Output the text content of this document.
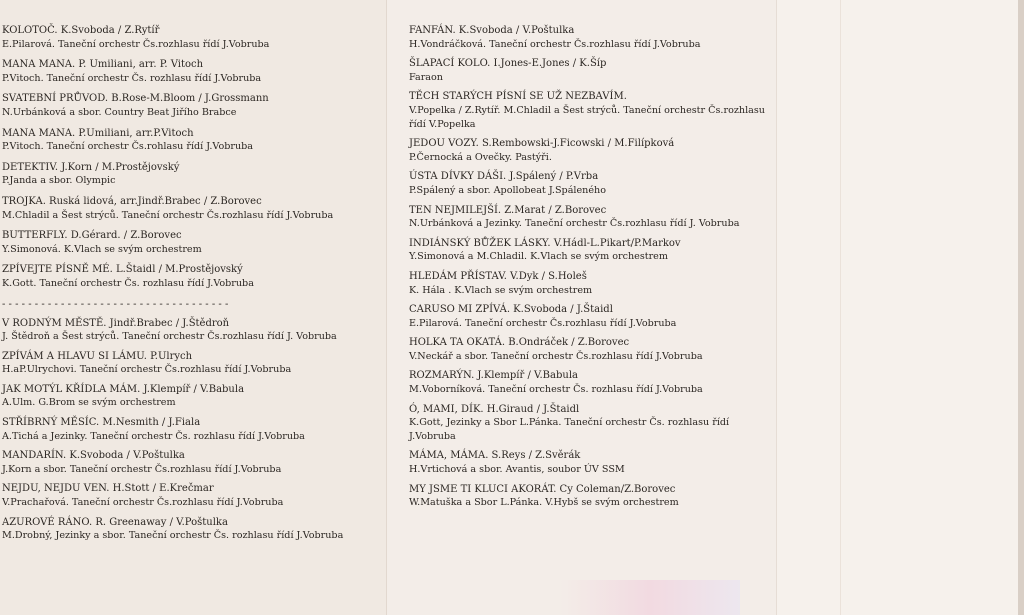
KOLOTOČ. K.Svoboda / Z.Rytíř
E.Pilarová. Taneční orchestr Čs.rozhlasu řídí J.Vobruba
MANA MANA. P. Umiliani, arr. P. Vitoch
P.Vitoch. Taneční orchestr Čs. rozhlasu řídí J.Vobruba
SVATEBNÍ PRŮVOD. B.Rose-M.Bloom / J.Grossmann
N.Urbánková a sbor. Country Beat Jiřího Brabce
MANA MANA. P.Umiliani, arr.P.Vitoch
P.Vitoch. Taneční orchestr Čs.rohlasu řídí J.Vobruba
DETEKTIV. J.Korn / M.Prostějovský
P.Janda a sbor. Olympic
TROJKA. Ruská lidová, arr.Jindř.Brabec / Z.Borovec
M.Chladil a Šest strýců. Taneční orchestr Čs.rozhlasu řídí J.Vobruba
BUTTERFLY. D.Gérard. / Z.Borovec
Y.Simonová. K.Vlach se svým orchestrem
ZPÍVEJTE PÍSNĚ MÉ. L.Štaidl / M.Prostějovský
K.Gott. Taneční orchestr Čs. rozhlasu řídí J.Vobruba
- - - - - - - - - - - - - - - - - - - - - - - - - - - - - - - - - - -
V RODNÝM MĚSTĚ. Jindř.Brabec / J.Štědroň
J. Štědroň a Šest strýců. Taneční orchestr Čs.rozhlasu řídí J. Vobruba
ZPÍVÁM A HLAVU SI LÁMU. P.Ulrych
H.aP.Ulrychovi. Taneční orchestr Čs.rozhlasu řídí J.Vobruba
JAK MOTÝL KŘÍDLA MÁM. J.Klempíř / V.Babula
A.Ulm. G.Brom se svým orchestrem
STŘÍBRNÝ MĚSÍC. M.Nesmith / J.Fiala
A.Tichá a Jezinky. Taneční orchestr Čs. rozhlasu řídí J.Vobruba
MANDARÍN. K.Svoboda / V.Poštulka
J.Korn a sbor. Taneční orchestr Čs.rozhlasu řídí J.Vobruba
NEJDU, NEJDU VEN. H.Stott / E.Krečmar
V.Prachařová. Taneční orchestr Čs.rozhlasu řídí J.Vobruba
AZUROVÉ RÁNO. R. Greenaway / V.Poštulka
M.Drobný, Jezinky a sbor. Taneční orchestr Čs. rozhlasu řídí J.Vobruba
FANFÁN. K.Svoboda / V.Poštulka
H.Vondráčková. Taneční orchestr Čs.rozhlasu řídí J.Vobruba
ŠLAPACÍ KOLO. I.Jones-E.Jones / K.Šíp
Faraon
TĚCH STARÝCH PÍSNÍ SE UŽ NEZBAVÍM.
V.Popelka / Z.Rytíř. M.Chladil a Šest strýců. Taneční orchestr Čs.rozhlasu řídí V.Popelka
JEDOU VOZY. S.Rembowski-J.Ficowski / M.Filípková
P.Černocká a Ovečky. Pastýři.
ÚSTA DÍVKY DÁŠI. J.Spálený / P.Vrba
P.Spálený a sbor. Apollobeat J.Spáleného
TEN NEJMILEJŠÍ. Z.Marat / Z.Borovec
N.Urbánková a Jezinky. Taneční orchestr Čs.rozhlasu řídí J. Vobruba
INDIÁNSKÝ BŮŽEK LÁSKY. V.Hádl-L.Pikart/P.Markov
Y.Simonová a M.Chladil. K.Vlach se svým orchestrem
HLEDÁM PŘÍSTAV. V.Dyk / S.Holeš
K. Hála . K.Vlach se svým orchestrem
CARUSO MI ZPÍVÁ. K.Svoboda / J.Štaidl
E.Pilarová. Taneční orchestr Čs.rozhlasu řídí J.Vobruba
HOLKA TA OKATÁ. B.Ondráček / Z.Borovec
V.Neckář a sbor. Taneční orchestr Čs.rozhlasu řídí J.Vobruba
ROZMARÝN. J.Klempíř / V.Babula
M.Voborníková. Taneční orchestr Čs. rozhlasu řídí J.Vobruba
Ó, MAMI, DÍK. H.Giraud / J.Štaidl
K.Gott, Jezinky a Sbor L.Pánka. Taneční orchestr Čs. rozhlasu řídí J.Vobruba
MÁMA, MÁMA. S.Reys / Z.Svěrák
H.Vrtichová a sbor. Avantis, soubor ÚV SSM
MY JSME TI KLUCI AKORÁT. Cy Coleman/Z.Borovec
W.Matuška a Sbor L.Pánka. V.Hybš se svým orchestrem
